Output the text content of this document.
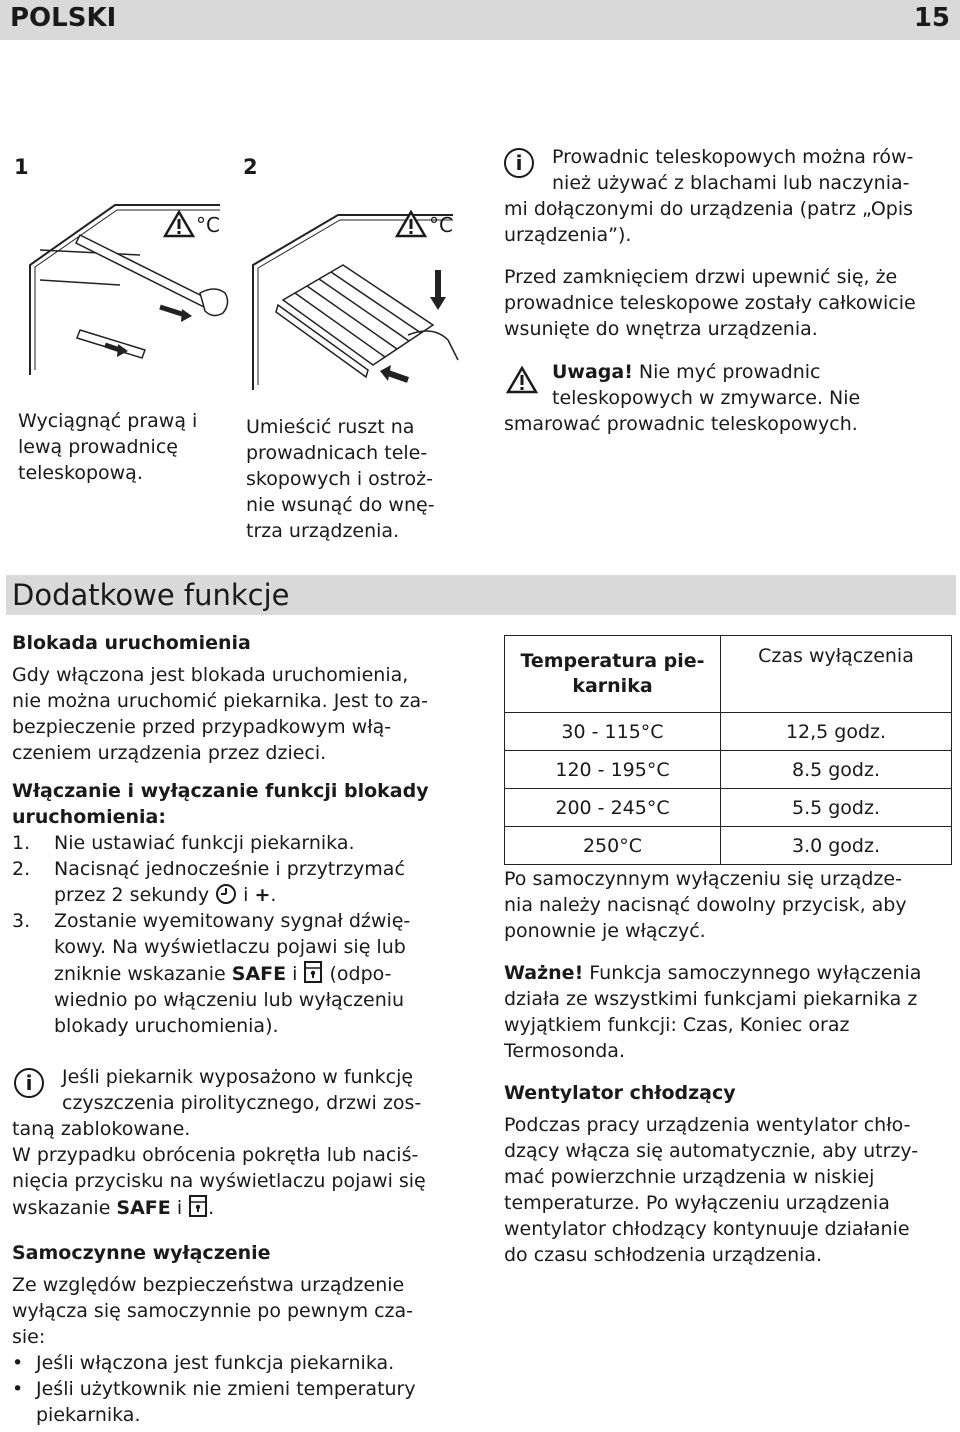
POLSKI	15
1
°C
Wyciągnąć prawą i
lewą prowadnicę
teleskopową.
2
°C
Umieścić ruszt na
prowadnicach tele-
skopowych i ostroż-
nie wsunąć do wnę-
trza urządzenia.
i	Prowadnic teleskopowych można rów-
nież używać z blachami lub naczynia-
mi dołączonymi do urządzenia (patrz „Opis
urządzenia”).
Przed zamknięciem drzwi upewnić się, że
prowadnice teleskopowe zostały całkowicie
wsunięte do wnętrza urządzenia.
Uwaga! Nie myć prowadnic
teleskopowych w zmywarce. Nie
smarować prowadnic teleskopowych.
Dodatkowe funkcje
Blokada uruchomienia
Gdy włączona jest blokada uruchomienia,
nie można uruchomić piekarnika. Jest to za-
bezpieczenie przed przypadkowym włą-
czeniem urządzenia przez dzieci.
Włączanie i wyłączanie funkcji blokady
uruchomienia:
1.	Nie ustawiać funkcji piekarnika.
2.	Nacisnąć jednocześnie i przytrzymać
przez 2 sekundy  i +.
3.	Zostanie wyemitowany sygnał dźwię-
kowy. Na wyświetlaczu pojawi się lub
zniknie wskazanie SAFE i  (odpo-
wiednio po włączeniu lub wyłączeniu
blokady uruchomienia).
i	Jeśli piekarnik wyposażono w funkcję
czyszczenia pirolitycznego, drzwi zos-
taną zablokowane.
W przypadku obrócenia pokrętła lub naciś-
nięcia przycisku na wyświetlaczu pojawi się
wskazanie SAFE i .
Samoczynne wyłączenie
Ze względów bezpieczeństwa urządzenie
wyłącza się samoczynnie po pewnym cza-
sie:
• Jeśli włączona jest funkcja piekarnika.
• Jeśli użytkownik nie zmieni temperatury
piekarnika.
Temperatura pie-
karnika	Czas wyłączenia
30 - 115°C	12,5 godz.
120 - 195°C	8.5 godz.
200 - 245°C	5.5 godz.
250°C	3.0 godz.
Po samoczynnym wyłączeniu się urządze-
nia należy nacisnąć dowolny przycisk, aby
ponownie je włączyć.
Ważne! Funkcja samoczynnego wyłączenia
działa ze wszystkimi funkcjami piekarnika z
wyjątkiem funkcji: Czas, Koniec oraz
Termosonda.
Wentylator chłodzący
Podczas pracy urządzenia wentylator chło-
dzący włącza się automatycznie, aby utrzy-
mać powierzchnie urządzenia w niskiej
temperaturze. Po wyłączeniu urządzenia
wentylator chłodzący kontynuuje działanie
do czasu schłodzenia urządzenia.
